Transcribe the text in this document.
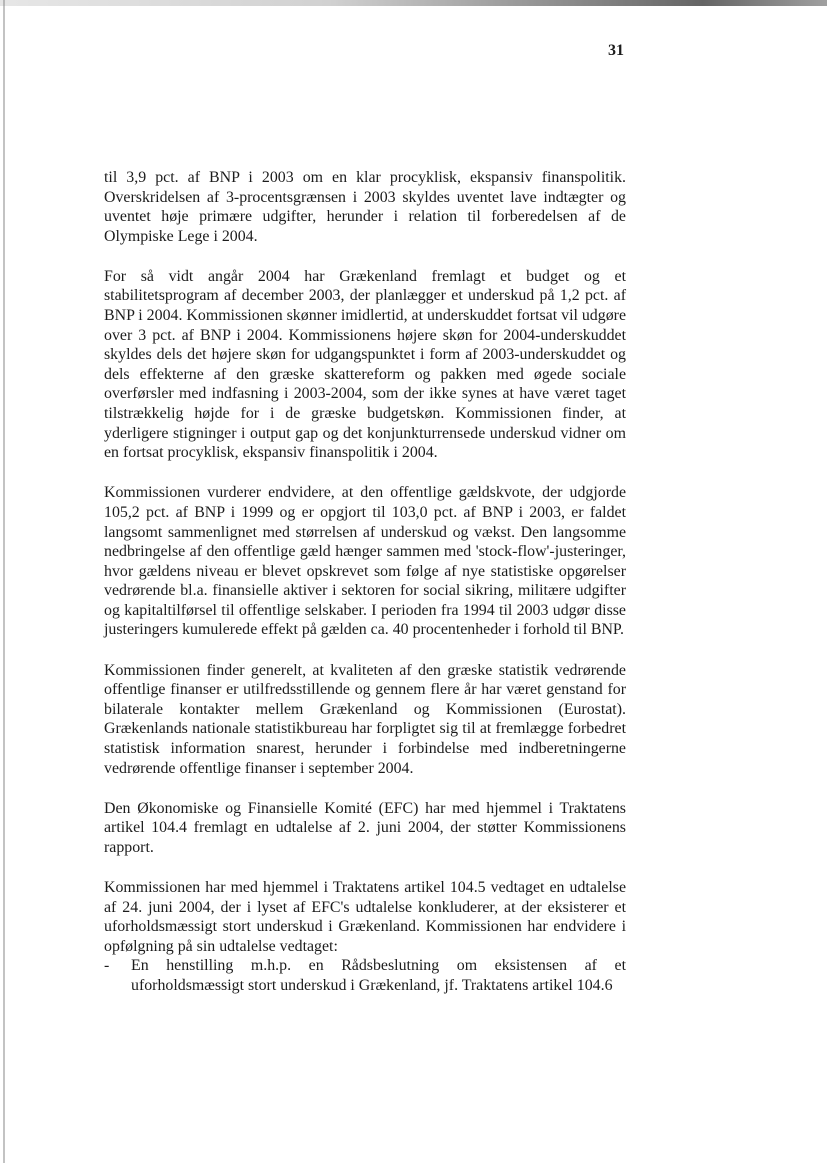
31

til 3,9 pct. af BNP i 2003 om en klar procyklisk, ekspansiv finanspolitik. Overskridelsen af 3-procentsgrænsen i 2003 skyldes uventet lave indtægter og uventet høje primære udgifter, herunder i relation til forberedelsen af de Olympiske Lege i 2004.

For så vidt angår 2004 har Grækenland fremlagt et budget og et stabilitetsprogram af december 2003, der planlægger et underskud på 1,2 pct. af BNP i 2004. Kommissionen skønner imidlertid, at underskuddet fortsat vil udgøre over 3 pct. af BNP i 2004. Kommissionens højere skøn for 2004-underskuddet skyldes dels det højere skøn for udgangspunktet i form af 2003-underskuddet og dels effekterne af den græske skattereform og pakken med øgede sociale overførsler med indfasning i 2003-2004, som der ikke synes at have været taget tilstrækkelig højde for i de græske budgetskøn. Kommissionen finder, at yderligere stigninger i output gap og det konjunkturrensede underskud vidner om en fortsat procyklisk, ekspansiv finanspolitik i 2004.

Kommissionen vurderer endvidere, at den offentlige gældskvote, der udgjorde 105,2 pct. af BNP i 1999 og er opgjort til 103,0 pct. af BNP i 2003, er faldet langsomt sammenlignet med størrelsen af underskud og vækst. Den langsomme nedbringelse af den offentlige gæld hænger sammen med 'stock-flow'-justeringer, hvor gældens niveau er blevet opskrevet som følge af nye statistiske opgørelser vedrørende bl.a. finansielle aktiver i sektoren for social sikring, militære udgifter og kapitaltilførsel til offentlige selskaber. I perioden fra 1994 til 2003 udgør disse justeringers kumulerede effekt på gælden ca. 40 procentenheder i forhold til BNP.

Kommissionen finder generelt, at kvaliteten af den græske statistik vedrørende offentlige finanser er utilfredsstillende og gennem flere år har været genstand for bilaterale kontakter mellem Grækenland og Kommissionen (Eurostat). Grækenlands nationale statistikbureau har forpligtet sig til at fremlægge forbedret statistisk information snarest, herunder i forbindelse med indberetningerne vedrørende offentlige finanser i september 2004.

Den Økonomiske og Finansielle Komité (EFC) har med hjemmel i Traktatens artikel 104.4 fremlagt en udtalelse af 2. juni 2004, der støtter Kommissionens rapport.

Kommissionen har med hjemmel i Traktatens artikel 104.5 vedtaget en udtalelse af 24. juni 2004, der i lyset af EFC's udtalelse konkluderer, at der eksisterer et uforholdsmæssigt stort underskud i Grækenland. Kommissionen har endvidere i opfølgning på sin udtalelse vedtaget:

-	En henstilling m.h.p. en Rådsbeslutning om eksistensen af et uforholdsmæssigt stort underskud i Grækenland, jf. Traktatens artikel 104.6
